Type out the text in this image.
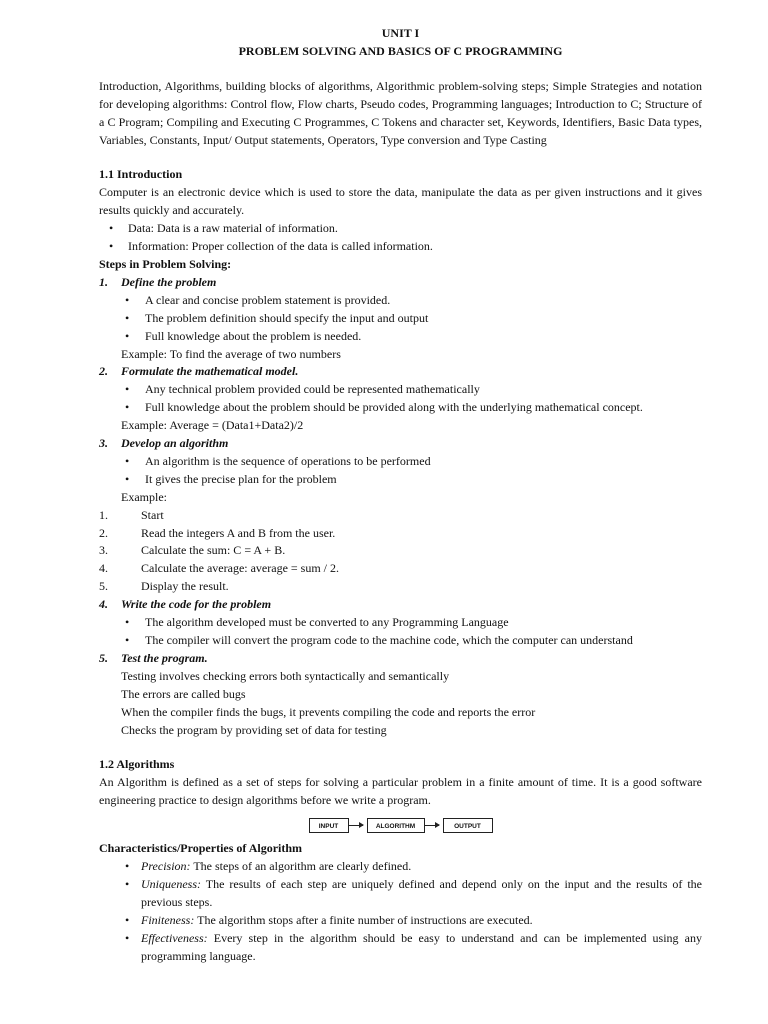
UNIT I
PROBLEM SOLVING AND BASICS OF C PROGRAMMING
Introduction, Algorithms, building blocks of algorithms, Algorithmic problem-solving steps; Simple Strategies and notation for developing algorithms: Control flow, Flow charts, Pseudo codes, Programming languages; Introduction to C; Structure of a C Program; Compiling and Executing C Programmes, C Tokens and character set, Keywords, Identifiers, Basic Data types, Variables, Constants, Input/ Output statements, Operators, Type conversion and Type Casting
1.1 Introduction
Computer is an electronic device which is used to store the data, manipulate the data as per given instructions and it gives results quickly and accurately.
• Data: Data is a raw material of information.
• Information: Proper collection of the data is called information.
Steps in Problem Solving:
1. Define the problem
• A clear and concise problem statement is provided.
• The problem definition should specify the input and output
• Full knowledge about the problem is needed.
Example: To find the average of two numbers
2. Formulate the mathematical model.
• Any technical problem provided could be represented mathematically
• Full knowledge about the problem should be provided along with the underlying mathematical concept.
Example: Average = (Data1+Data2)/2
3. Develop an algorithm
• An algorithm is the sequence of operations to be performed
• It gives the precise plan for the problem
Example:
1.	Start
2.	Read the integers A and B from the user.
3.	Calculate the sum: C = A + B.
4.	Calculate the average: average = sum / 2.
5.	Display the result.
4. Write the code for the problem
• The algorithm developed must be converted to any Programming Language
• The compiler will convert the program code to the machine code, which the computer can understand
5. Test the program.
Testing involves checking errors both syntactically and semantically
The errors are called bugs
When the compiler finds the bugs, it prevents compiling the code and reports the error
Checks the program by providing set of data for testing
1.2 Algorithms
An Algorithm is defined as a set of steps for solving a particular problem in a finite amount of time. It is a good software engineering practice to design algorithms before we write a program.
INPUT	ALGORITHM	OUTPUT
Characteristics/Properties of Algorithm
• Precision: The steps of an algorithm are clearly defined.
• Uniqueness: The results of each step are uniquely defined and depend only on the input and the results of the previous steps.
• Finiteness: The algorithm stops after a finite number of instructions are executed.
• Effectiveness: Every step in the algorithm should be easy to understand and can be implemented using any programming language.
